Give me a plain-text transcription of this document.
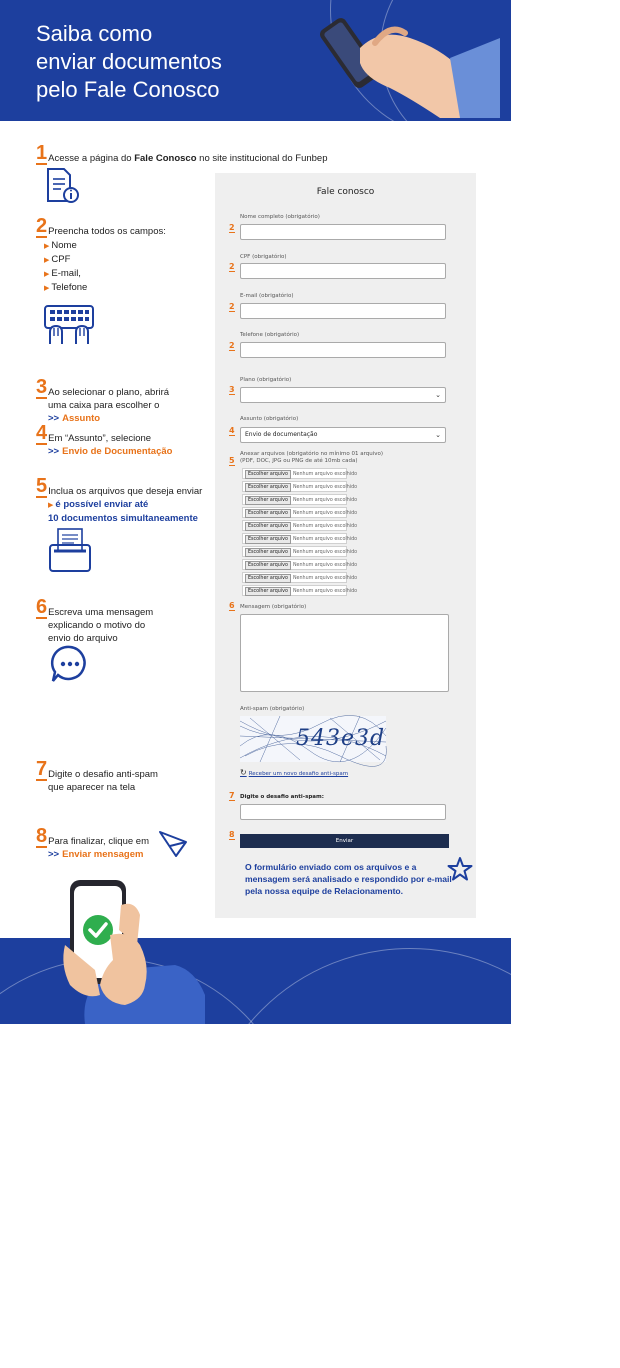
Saiba como
enviar documentos
pelo Fale Conosco
1Acesse a página do Fale Conosco no site institucional do Funbep
2Preencha todos os campos:
▶ Nome
▶ CPF
▶ E-mail,
▶ Telefone
3Ao selecionar o plano, abrirá
uma caixa para escolher o
>> Assunto
4Em “Assunto”, selecione
>> Envio de Documentação
5Inclua os arquivos que deseja enviar
▶ é possível enviar até
10 documentos simultaneamente
6Escreva uma mensagem
explicando o motivo do
envio do arquivo
7Digite o desafio anti-spam
que aparecer na tela
8Para finalizar, clique em
>> Enviar mensagem
Fale conosco
Nome completo (obrigatório)
2
CPF (obrigatório)
2
E-mail (obrigatório)
2
Telefone (obrigatório)
2
Plano (obrigatório)
3
⌄
Assunto (obrigatório)
4	Envio de documentação	⌄
Anexar arquivos (obrigatório no mínimo 01 arquivo)
5 (PDF, DOC, JPG ou PNG de até 10mb cada)
Escolher arquivo Nenhum arquivo escolhido
Escolher arquivo Nenhum arquivo escolhido
Escolher arquivo Nenhum arquivo escolhido
Escolher arquivo Nenhum arquivo escolhido
Escolher arquivo Nenhum arquivo escolhido
Escolher arquivo Nenhum arquivo escolhido
Escolher arquivo Nenhum arquivo escolhido
Escolher arquivo Nenhum arquivo escolhido
Escolher arquivo Nenhum arquivo escolhido
Escolher arquivo Nenhum arquivo escolhido
6 Mensagem (obrigatório)
Anti-spam (obrigatório)
543e3d
↻ Receber um novo desafio anti-spam
7 Digite o desafio anti-spam:
8
Enviar
O formulário enviado com os arquivos e a mensagem será analisado e respondido por e-mail pela nossa equipe de Relacionamento.
